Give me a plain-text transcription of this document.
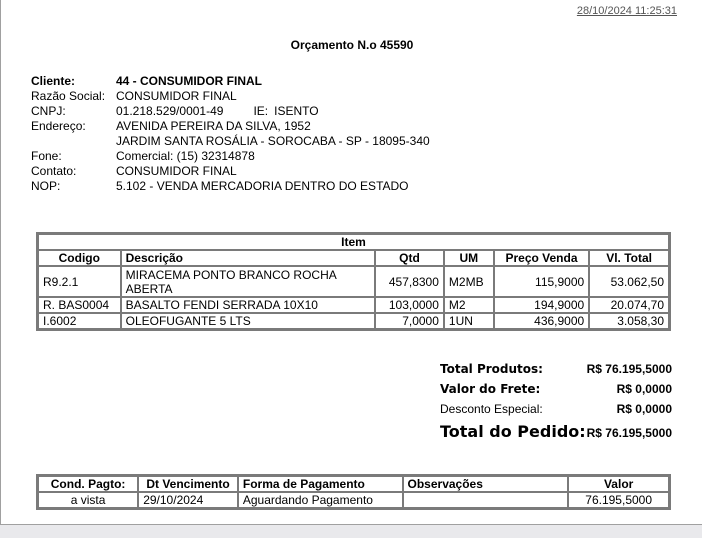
28/10/2024 11:25:31
Orçamento N.o 45590
Cliente:	44 - CONSUMIDOR FINAL
Razão Social: CONSUMIDOR FINAL
CNPJ:	01.218.529/0001-49	IE: ISENTO
Endereço:	AVENIDA PEREIRA DA SILVA, 1952
JARDIM SANTA ROSÁLIA - SOROCABA - SP - 18095-340
Fone:	Comercial: (15) 32314878
Contato:	CONSUMIDOR FINAL
NOP:	5.102 - VENDA MERCADORIA DENTRO DO ESTADO
Item					
Codigo	Descrição	Qtd	UM	Preço Venda	Vl. Total
R9.2.1	MIRACEMA PONTO BRANCO ROCHA ABERTA	457,8300	M2MB	115,9000	53.062,50
R. BAS0004	BASALTO FENDI SERRADA 10X10	103,0000	M2	194,9000	20.074,70
I.6002	OLEOFUGANTE 5 LTS	7,0000	1UN	436,9000	3.058,30
Total Produtos:	R$ 76.195,5000
Valor do Frete:	R$ 0,0000
Desconto Especial:	R$ 0,0000
Total do Pedido: R$ 76.195,5000
Cond. Pagto:	Dt Vencimento	Forma de Pagamento	Observações	Valor
a vista	29/10/2024	Aguardando Pagamento		76.195,5000
